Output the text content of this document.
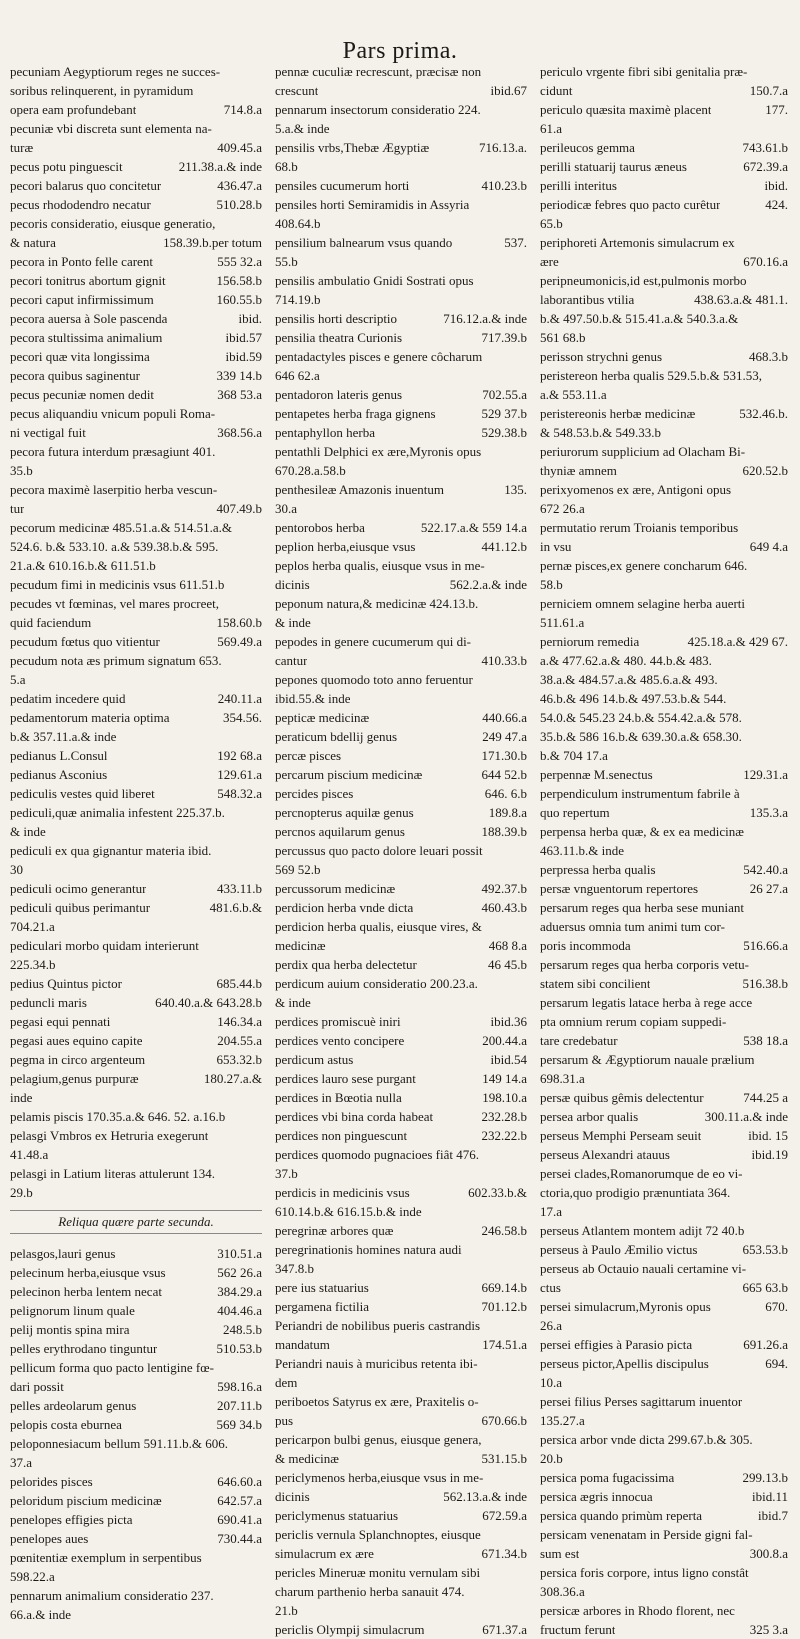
Pars prima.
pecuniam Aegyptiorum reges ne succes-
soribus relinquerent, in pyramidum
opera eam profundebant	714.8.a
pecuniæ vbi discreta sunt elementa na-
turæ	409.45.a
pecus potu pinguescit	211.38.a.& inde
pecori balarus quo concitetur	436.47.a
pecus rhododendro necatur	510.28.b
pecoris consideratio, eiusque generatio,
& natura	158.39.b.per totum
pecora in Ponto felle carent	555 32.a
pecori tonitrus abortum gignit	156.58.b
pecori caput infirmissimum	160.55.b
pecora auersa à Sole pascenda	ibid.
pecora stultissima animalium	ibid.57
pecori quæ vita longissima	ibid.59
pecora quibus saginentur	339 14.b
pecus pecuniæ nomen dedit	368 53.a
pecus aliquandiu vnicum populi Roma-
ni vectigal fuit	368.56.a
pecora futura interdum præsagiunt 401.
35.b
pecora maximè laserpitio herba vescun-
tur	407.49.b
pecorum medicinæ 485.51.a.& 514.51.a.&
524.6. b.& 533.10. a.& 539.38.b.& 595.
21.a.& 610.16.b.& 611.51.b
pecudum fimi in medicinis vsus 611.51.b
pecudes vt fœminas, vel mares procreet,
quid faciendum	158.60.b
pecudum fœtus quo vitientur	569.49.a
pecudum nota æs primum signatum 653.
5.a
pedatim incedere quid	240.11.a
pedamentorum materia optima	354.56.
b.& 357.11.a.& inde
pedianus L.Consul	192 68.a
pedianus Asconius	129.61.a
pediculis vestes quid liberet	548.32.a
pediculi,quæ animalia infestent 225.37.b.
& inde
pediculi ex qua gignantur materia ibid.
30
pediculi ocimo generantur	433.11.b
pediculi quibus perimantur	481.6.b.&
704.21.a
pediculari morbo quidam interierunt
225.34.b
pedius Quintus pictor	685.44.b
peduncli maris	640.40.a.& 643.28.b
pegasi equi pennati	146.34.a
pegasi aues equino capite	204.55.a
pegma in circo argenteum	653.32.b
pelagium,genus purpuræ	180.27.a.&
inde
pelamis piscis 170.35.a.& 646. 52. a.16.b
pelasgi Vmbros ex Hetruria exegerunt
41.48.a
pelasgi in Latium literas attulerunt 134.
29.b
Reliqua quære parte secunda.
pelasgos,lauri genus	310.51.a
pelecinum herba,eiusque vsus	562 26.a
pelecinon herba lentem necat	384.29.a
pelignorum linum quale	404.46.a
pelij montis spina mira	248.5.b
pelles erythrodano tinguntur	510.53.b
pellicum forma quo pacto lentigine fœ-
dari possit	598.16.a
pelles ardeolarum genus	207.11.b
pelopis costa eburnea	569 34.b
peloponnesiacum bellum 591.11.b.& 606.
37.a
pelorides pisces	646.60.a
peloridum piscium medicinæ	642.57.a
penelopes effigies picta	690.41.a
penelopes aues	730.44.a
pœnitentiæ exemplum in serpentibus
598.22.a
pennarum animalium consideratio 237.
66.a.& inde
pennæ cuculiæ recrescunt, præcisæ non
crescunt	ibid.67
pennarum insectorum consideratio 224.
5.a.& inde
pensilis vrbs,Thebæ Ægyptiæ	716.13.a.
68.b
pensiles cucumerum horti	410.23.b
pensiles horti Semiramidis in Assyria
408.64.b
pensilium balnearum vsus quando	537.
55.b
pensilis ambulatio Gnidi Sostrati opus
714.19.b
pensilis horti descriptio	716.12.a.& inde
pensilia theatra Curionis	717.39.b
pentadactyles pisces e genere côcharum
646 62.a
pentadoron lateris genus	702.55.a
pentapetes herba fraga gignens	529 37.b
pentaphyllon herba	529.38.b
pentathli Delphici ex ære,Myronis opus
670.28.a.58.b
penthesileæ Amazonis inuentum	135.
30.a
pentorobos herba	522.17.a.& 559 14.a
peplion herba,eiusque vsus	441.12.b
peplos herba qualis, eiusque vsus in me-
dicinis	562.2.a.& inde
peponum natura,& medicinæ 424.13.b.
& inde
pepodes in genere cucumerum qui di-
cantur	410.33.b
pepones quomodo toto anno feruentur
ibid.55.& inde
pepticæ medicinæ	440.66.a
peraticum bdellij genus	249 47.a
percæ pisces	171.30.b
percarum piscium medicinæ	644 52.b
percides pisces	646. 6.b
percnopterus aquilæ genus	189.8.a
percnos aquilarum genus	188.39.b
percussus quo pacto dolore leuari possit
569 52.b
percussorum medicinæ	492.37.b
perdicion herba vnde dicta	460.43.b
perdicion herba qualis, eiusque vires, &
medicinæ	468 8.a
perdix qua herba delectetur	46 45.b
perdicum auium consideratio 200.23.a.
& inde
perdices promiscuè iniri	ibid.36
perdices vento concipere	200.44.a
perdicum astus	ibid.54
perdices lauro sese purgant	149 14.a
perdices in Bœotia nulla	198.10.a
perdices vbi bina corda habeat	232.28.b
perdices non pinguescunt	232.22.b
perdices quomodo pugnacioes fiât 476.
37.b
perdicis in medicinis vsus	602.33.b.&
610.14.b.& 616.15.b.& inde
peregrinæ arbores quæ	246.58.b
peregrinationis homines natura audi
347.8.b
pere ius statuarius	669.14.b
pergamena fictilia	701.12.b
Periandri de nobilibus pueris castrandis
mandatum	174.51.a
Periandri nauis à muricibus retenta ibi-
dem
periboetos Satyrus ex ære, Praxitelis o-
pus	670.66.b
pericarpon bulbi genus, eiusque genera,
& medicinæ	531.15.b
periclymenos herba,eiusque vsus in me-
dicinis	562.13.a.& inde
periclymenus statuarius	672.59.a
periclis vernula Splanchnoptes, eiusque
simulacrum ex ære	671.34.b
pericles Mineruæ monitu vernulam sibi
charum parthenio herba sanauit 474.
21.b
periclis Olympij simulacrum	671.37.a
periculo vrgente fibri sibi genitalia præ-
cidunt	150.7.a
periculo quæsita maximè placent	177.
61.a
perileucos gemma	743.61.b
perilli statuarij taurus æneus	672.39.a
perilli interitus	ibid.
periodicæ febres quo pacto curêtur	424.
65.b
periphoreti Artemonis simulacrum ex
ære	670.16.a
peripneumonicis,id est,pulmonis morbo
laborantibus vtilia	438.63.a.& 481.1.
b.& 497.50.b.& 515.41.a.& 540.3.a.&
561 68.b
perisson strychni genus	468.3.b
peristereon herba qualis 529.5.b.& 531.53,
a.& 553.11.a
peristereonis herbæ medicinæ	532.46.b.
& 548.53.b.& 549.33.b
periurorum supplicium ad Olacham Bi-
thyniæ amnem	620.52.b
perixyomenos ex ære, Antigoni opus
672 26.a
permutatio rerum Troianis temporibus
in vsu	649 4.a
pernæ pisces,ex genere concharum 646.
58.b
perniciem omnem selagine herba auerti
511.61.a
perniorum remedia	425.18.a.& 429 67.
a.& 477.62.a.& 480. 44.b.& 483.
38.a.& 484.57.a.& 485.6.a.& 493.
46.b.& 496 14.b.& 497.53.b.& 544.
54.0.& 545.23 24.b.& 554.42.a.& 578.
35.b.& 586 16.b.& 639.30.a.& 658.30.
b.& 704 17.a
perpennæ M.senectus	129.31.a
perpendiculum instrumentum fabrile à
quo repertum	135.3.a
perpensa herba quæ, & ex ea medicinæ
463.11.b.& inde
perpressa herba qualis	542.40.a
persæ vnguentorum repertores	26 27.a
persarum reges qua herba sese muniant
aduersus omnia tum animi tum cor-
poris incommoda	516.66.a
persarum reges qua herba corporis vetu-
statem sibi concilient	516.38.b
persarum legatis latace herba à rege acce
pta omnium rerum copiam suppedi-
tare credebatur	538 18.a
persarum & Ægyptiorum nauale prælium
698.31.a
persæ quibus gêmis delectentur	744.25 a
persea arbor qualis	300.11.a.& inde
perseus Memphi Perseam seuit	ibid. 15
perseus Alexandri atauus	ibid.19
persei clades,Romanorumque de eo vi-
ctoria,quo prodigio prænuntiata 364.
17.a
perseus Atlantem montem adijt 72 40.b
perseus à Paulo Æmilio victus	653.53.b
perseus ab Octauio nauali certamine vi-
ctus	665 63.b
persei simulacrum,Myronis opus	670.
26.a
persei effigies à Parasio picta	691.26.a
perseus pictor,Apellis discipulus	694.
10.a
persei filius Perses sagittarum inuentor
135.27.a
persica arbor vnde dicta 299.67.b.& 305.
20.b
persica poma fugacissima	299.13.b
persica ægris innocua	ibid.11
persica quando primùm reperta	ibid.7
persicam venenatam in Perside gigni fal-
sum est	300.8.a
persica foris corpore, intus ligno constât
308.36.a
persicæ arbores in Rhodo florent, nec
fructum ferunt	325 3.a
